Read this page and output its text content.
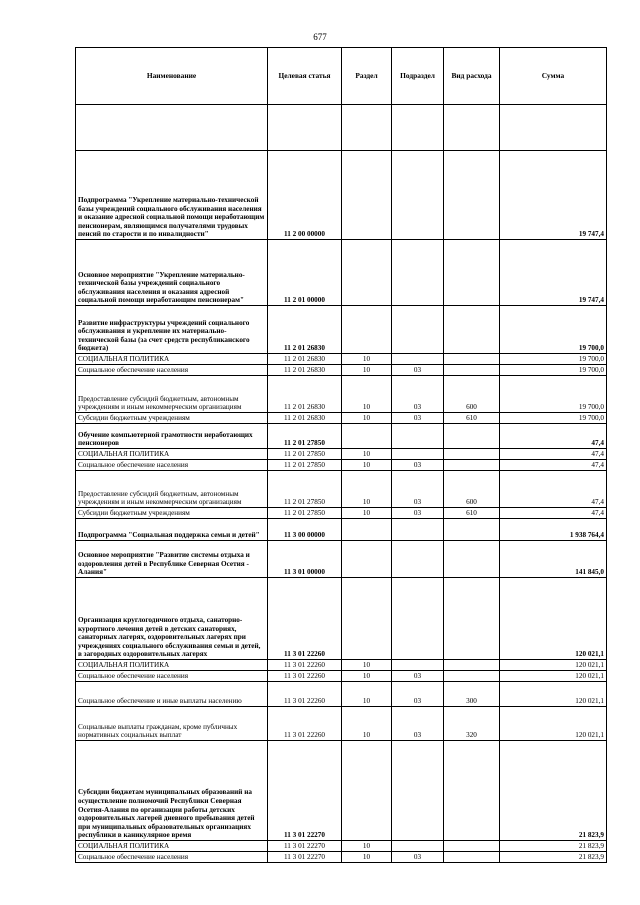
677
Наименование	Целевая статья	Раздел	Подраздел	Вид расхода	Сумма

Подпрограмма "Укрепление материально-технической базы учреждений социального обслуживания населения и оказание адресной социальной помощи неработающим пенсионерам, являющимся получателями трудовых пенсий по старости и по инвалидности"	11 2 00 00000				19 747,4
Основное мероприятие "Укрепление материально-технической базы учреждений социального обслуживания населения и оказания адресной социальной помощи неработающим пенсионерам"	11 2 01 00000				19 747,4
Развитие инфраструктуры учреждений социального обслуживания и укрепление их материально-технической базы (за счет средств республиканского бюджета)	11 2 01 26830				19 700,0
СОЦИАЛЬНАЯ ПОЛИТИКА	11 2 01 26830	10			19 700,0
Социальное обеспечение населения	11 2 01 26830	10	03		19 700,0
Предоставление субсидий бюджетным, автономным учреждениям и иным некоммерческим организациям	11 2 01 26830	10	03	600	19 700,0
Субсидии бюджетным учреждениям	11 2 01 26830	10	03	610	19 700,0
Обучение компьютерной грамотности неработающих пенсионеров	11 2 01 27850				47,4
СОЦИАЛЬНАЯ ПОЛИТИКА	11 2 01 27850	10			47,4
Социальное обеспечение населения	11 2 01 27850	10	03		47,4
Предоставление субсидий бюджетным, автономным учреждениям и иным некоммерческим организациям	11 2 01 27850	10	03	600	47,4
Субсидии бюджетным учреждениям	11 2 01 27850	10	03	610	47,4
Подпрограмма "Социальная поддержка семьи и детей"	11 3 00 00000				1 938 764,4
Основное мероприятие "Развитие системы отдыха и оздоровления детей в Республике Северная Осетия - Алания"	11 3 01 00000				141 845,0
Организация круглогодичного отдыха, санаторно-курортного лечения детей в детских санаториях, санаторных лагерях, оздоровительных лагерях при учреждениях социального обслуживания семьи и детей, в загородных оздоровительных лагерях	11 3 01 22260				120 021,1
СОЦИАЛЬНАЯ ПОЛИТИКА	11 3 01 22260	10			120 021,1
Социальное обеспечение населения	11 3 01 22260	10	03		120 021,1
Социальное обеспечение и иные выплаты населению	11 3 01 22260	10	03	300	120 021,1
Социальные выплаты гражданам, кроме публичных нормативных социальных выплат	11 3 01 22260	10	03	320	120 021,1
Субсидии бюджетам муниципальных образований на осуществление полномочий Республики Северная Осетия-Алания по организации работы детских оздоровительных лагерей дневного пребывания детей при муниципальных образовательных организациях республики в каникулярное время	11 3 01 22270				21 823,9
СОЦИАЛЬНАЯ ПОЛИТИКА	11 3 01 22270	10			21 823,9
Социальное обеспечение населения	11 3 01 22270	10	03		21 823,9
